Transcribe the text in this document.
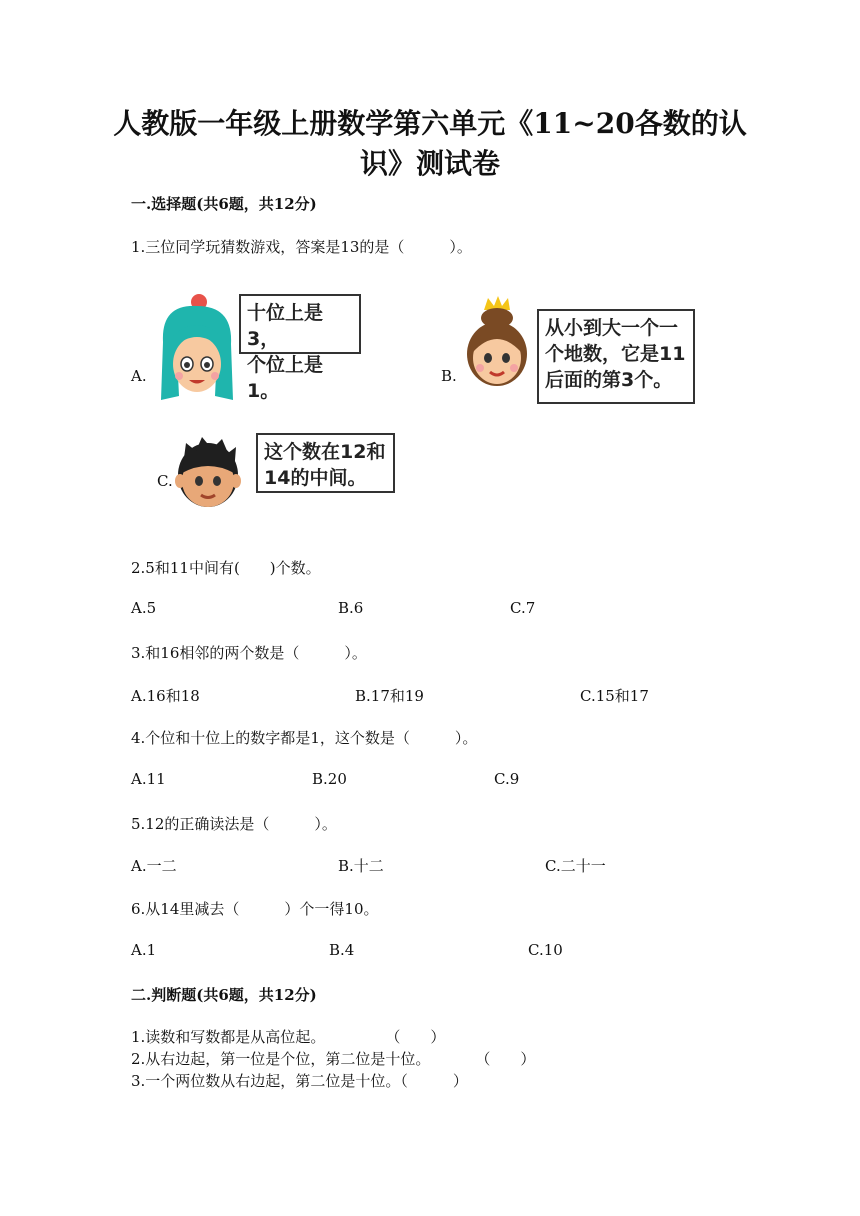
人教版一年级上册数学第六单元《11~20各数的认
识》测试卷
一.选择题(共6题，共12分)
1.三位同学玩猜数游戏，答案是13的是（　　　）。
A.
十位上是3，
个位上是1。
B.
从小到大一个一
个地数，它是11
后面的第3个。
C.
这个数在12和
14的中间。
2.5和11中间有(　　)个数。
A.5	B.6	C.7
3.和16相邻的两个数是（　　　）。
A.16和18	B.17和19	C.15和17
4.个位和十位上的数字都是1，这个数是（　　　）。
A.11	B.20	C.9
5.12的正确读法是（　　　）。
A.一二	B.十二	C.二十一
6.从14里减去（　　　）个一得10。
A.1	B.4	C.10
二.判断题(共6题，共12分)
1.读数和写数都是从高位起。　　　　　（　　）
2.从右边起，第一位是个位，第二位是十位。　　　　（　　）
3.一个两位数从右边起，第二位是十位。（　　　）
